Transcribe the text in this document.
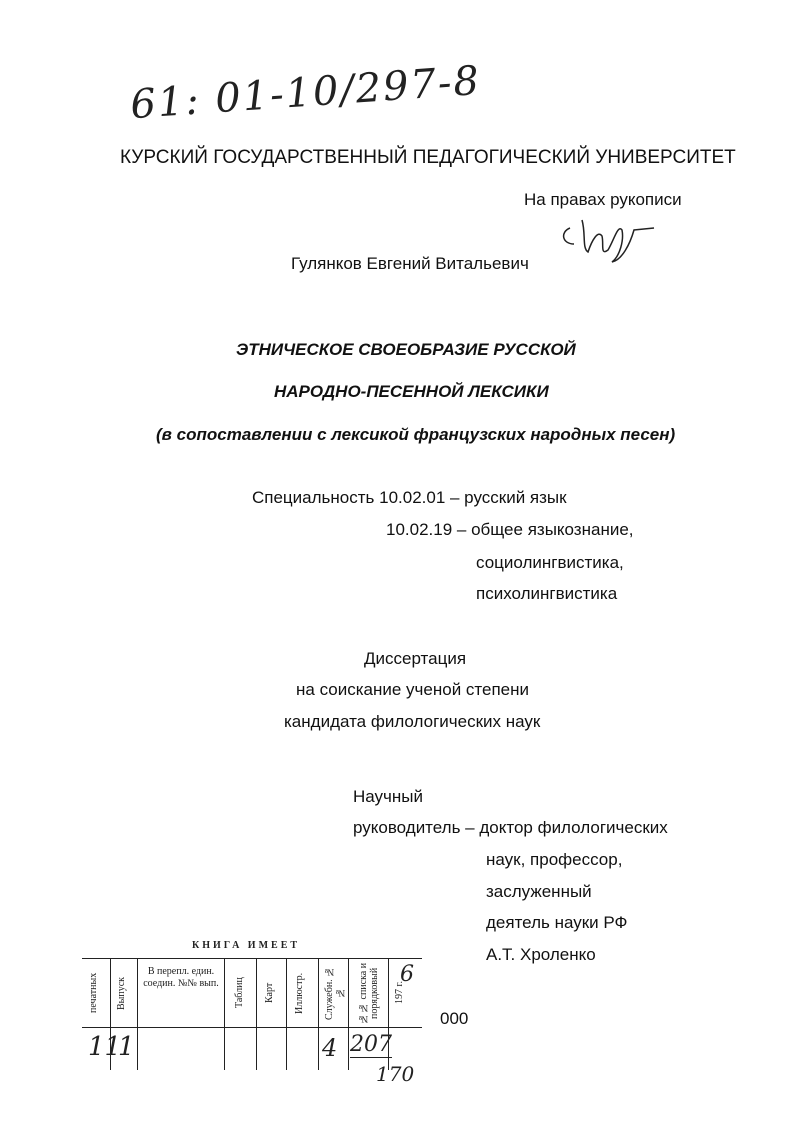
61: 01-10/297-8
КУРСКИЙ ГОСУДАРСТВЕННЫЙ ПЕДАГОГИЧЕСКИЙ УНИВЕРСИТЕТ
На правах рукописи
Гулянков Евгений Витальевич
ЭТНИЧЕСКОЕ СВОЕОБРАЗИЕ РУССКОЙ
НАРОДНО-ПЕСЕННОЙ ЛЕКСИКИ
(в сопоставлении с лексикой французских народных песен)
Специальность 10.02.01 – русский язык
10.02.19 – общее языкознание,
социолингвистика,
психолингвистика
Диссертация
на соискание ученой степени
кандидата филологических наук
Научный
руководитель – доктор филологических
наук, профессор,
заслуженный
деятель науки РФ
А.Т. Хроленко
000
КНИГА ИМЕЕТ
печатных Выпуск
В перепл. един. соедин. №№ вып. Таблиц Карт Иллюстр. Служебн. №№ №№ списка и порядковый 197 г.
11
1	4 207
170
6
